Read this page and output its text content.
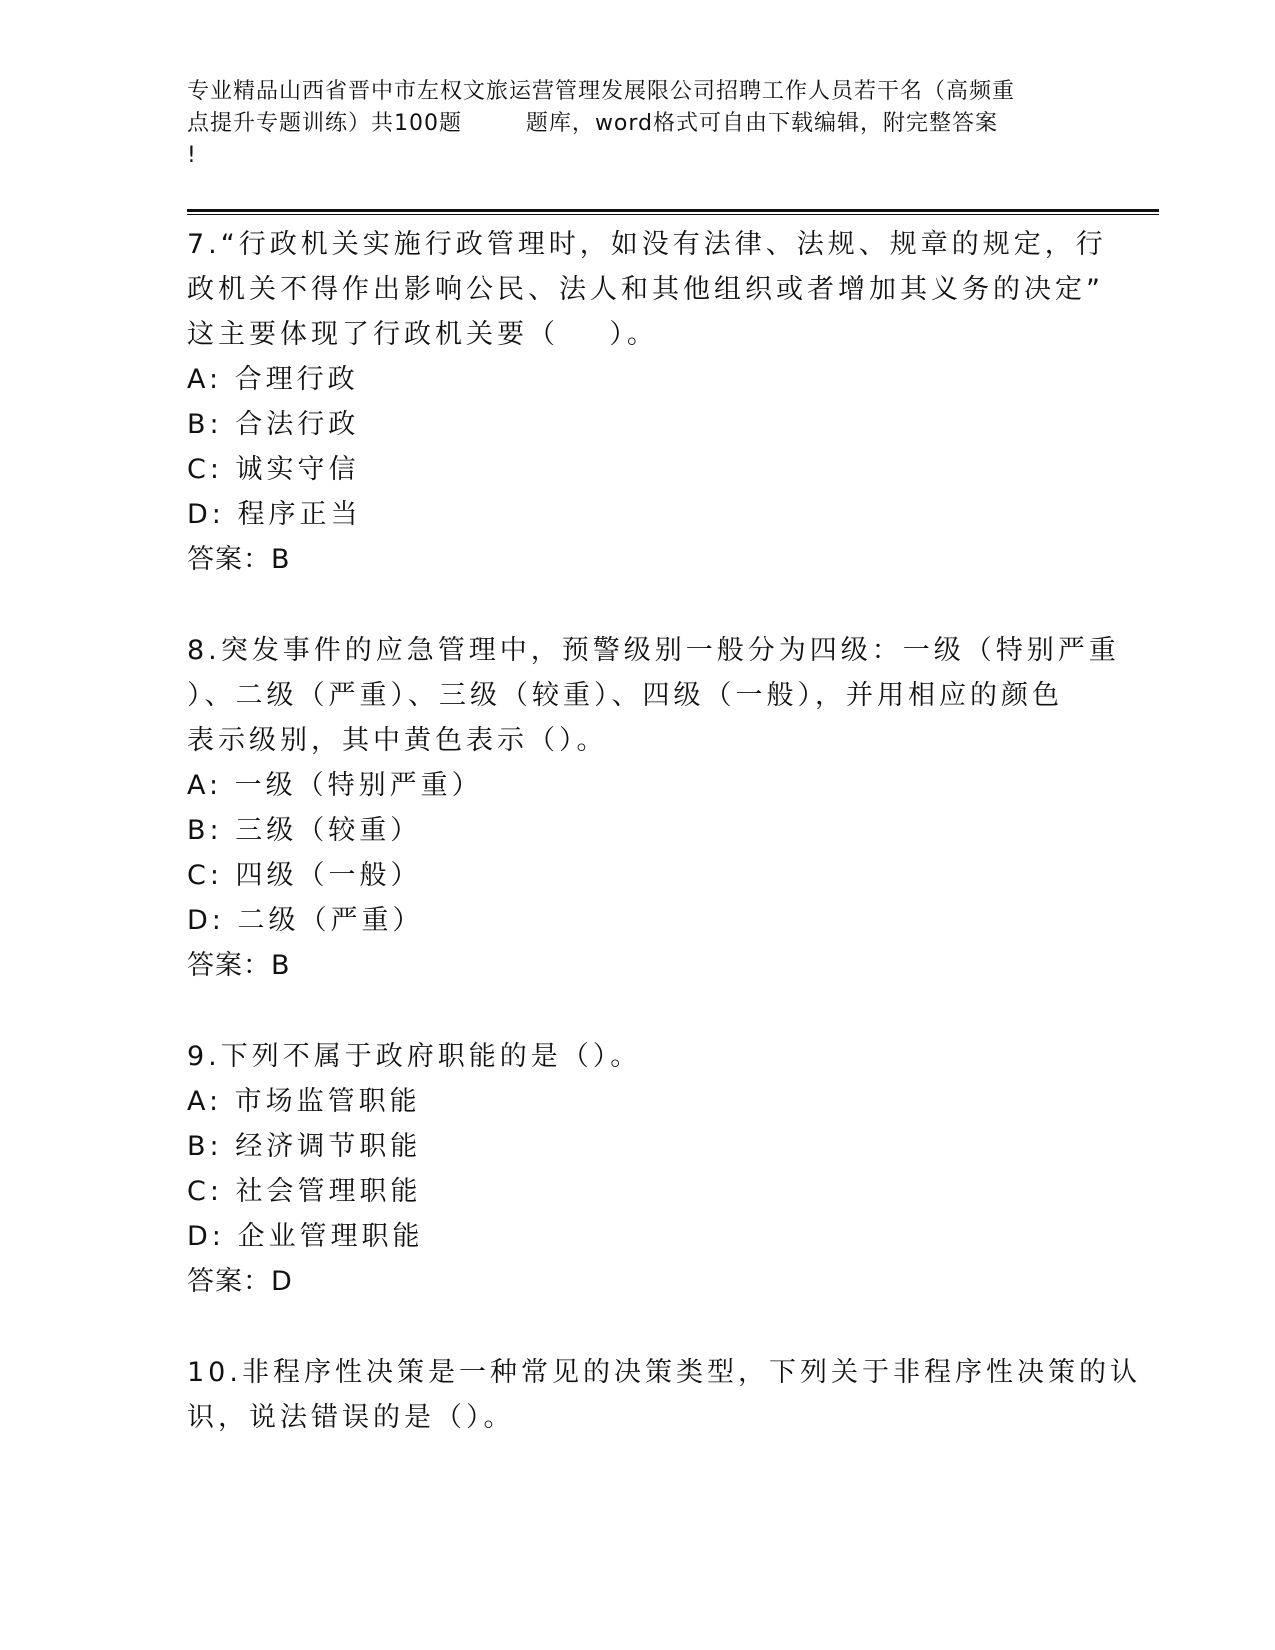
专业精品山西省晋中市左权文旅运营管理发展限公司招聘工作人员若干名（高频重
点提升专题训练）共100题        题库，word格式可自由下载编辑，附完整答案
!
7.“行政机关实施行政管理时，如没有法律、法规、规章的规定，行
政机关不得作出影响公民、法人和其他组织或者增加其义务的决定”
这主要体现了行政机关要（    ）。
A: 合理行政
B: 合法行政
C: 诚实守信
D: 程序正当
答案：B
8.突发事件的应急管理中，预警级别一般分为四级：一级（特别严重
）、二级（严重）、三级（较重）、四级（一般），并用相应的颜色
表示级别，其中黄色表示（）。
A: 一级（特别严重）
B: 三级（较重）
C: 四级（一般）
D: 二级（严重）
答案：B
9.下列不属于政府职能的是（）。
A: 市场监管职能
B: 经济调节职能
C: 社会管理职能
D: 企业管理职能
答案：D
10.非程序性决策是一种常见的决策类型，下列关于非程序性决策的认
识，说法错误的是（）。
